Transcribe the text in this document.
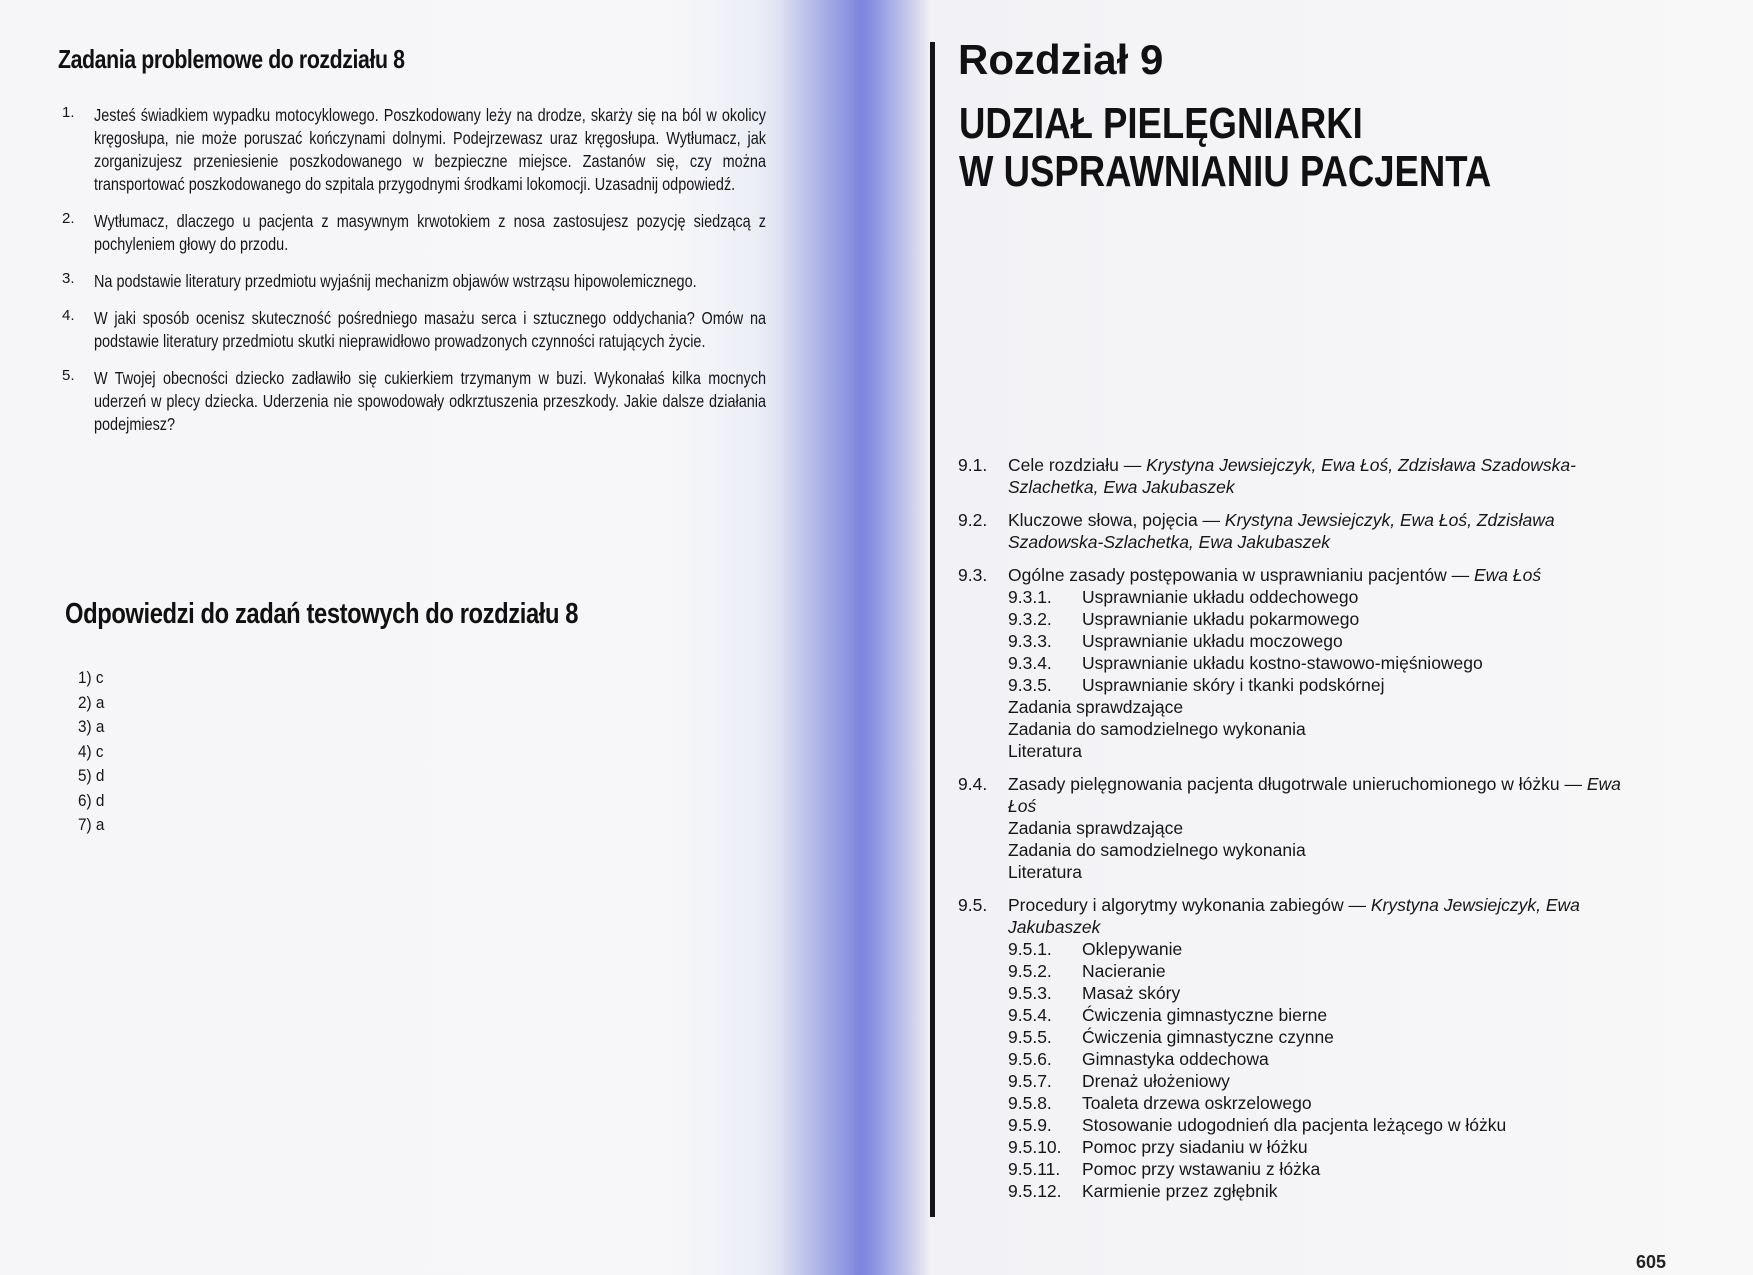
Zadania problemowe do rozdziału 8
1. Jesteś świadkiem wypadku motocyklowego. Poszkodowany leży na drodze, skarży się na ból w okolicy kręgosłupa, nie może poruszać kończynami dolnymi. Podejrzewasz uraz kręgosłupa. Wytłumacz, jak zorganizujesz przeniesienie poszkodowanego w bezpieczne miejsce. Zastanów się, czy można transportować poszkodowanego do szpitala przygodnymi środkami lokomocji. Uzasadnij odpowiedź.
2. Wytłumacz, dlaczego u pacjenta z masywnym krwotokiem z nosa zastosujesz pozycję siedzącą z pochyleniem głowy do przodu.
3. Na podstawie literatury przedmiotu wyjaśnij mechanizm objawów wstrząsu hipowolemicznego.
4. W jaki sposób ocenisz skuteczność pośredniego masażu serca i sztucznego oddychania? Omów na podstawie literatury przedmiotu skutki nieprawidłowo prowadzonych czynności ratujących życie.
5. W Twojej obecności dziecko zadławiło się cukierkiem trzymanym w buzi. Wykonałaś kilka mocnych uderzeń w plecy dziecka. Uderzenia nie spowodowały odkrztuszenia przeszkody. Jakie dalsze działania podejmiesz?
Odpowiedzi do zadań testowych do rozdziału 8
1) c
2) a
3) a
4) c
5) d
6) d
7) a
Rozdział 9
UDZIAŁ PIELĘGNIARKI
W USPRAWNIANIU PACJENTA
9.1. Cele rozdziału — Krystyna Jewsiejczyk, Ewa Łoś, Zdzisława Szadowska-Szlachetka, Ewa Jakubaszek
9.2. Kluczowe słowa, pojęcia — Krystyna Jewsiejczyk, Ewa Łoś, Zdzisława Szadowska-Szlachetka, Ewa Jakubaszek
9.3. Ogólne zasady postępowania w usprawnianiu pacjentów — Ewa Łoś
9.3.1. Usprawnianie układu oddechowego
9.3.2. Usprawnianie układu pokarmowego
9.3.3. Usprawnianie układu moczowego
9.3.4. Usprawnianie układu kostno-stawowo-mięśniowego
9.3.5. Usprawnianie skóry i tkanki podskórnej
Zadania sprawdzające
Zadania do samodzielnego wykonania
Literatura
9.4. Zasady pielęgnowania pacjenta długotrwale unieruchomionego w łóżku — Ewa Łoś
Zadania sprawdzające
Zadania do samodzielnego wykonania
Literatura
9.5. Procedury i algorytmy wykonania zabiegów — Krystyna Jewsiejczyk, Ewa Jakubaszek
9.5.1. Oklepywanie
9.5.2. Nacieranie
9.5.3. Masaż skóry
9.5.4. Ćwiczenia gimnastyczne bierne
9.5.5. Ćwiczenia gimnastyczne czynne
9.5.6. Gimnastyka oddechowa
9.5.7. Drenaż ułożeniowy
9.5.8. Toaleta drzewa oskrzelowego
9.5.9. Stosowanie udogodnień dla pacjenta leżącego w łóżku
9.5.10. Pomoc przy siadaniu w łóżku
9.5.11. Pomoc przy wstawaniu z łóżka
9.5.12. Karmienie przez zgłębnik
605
